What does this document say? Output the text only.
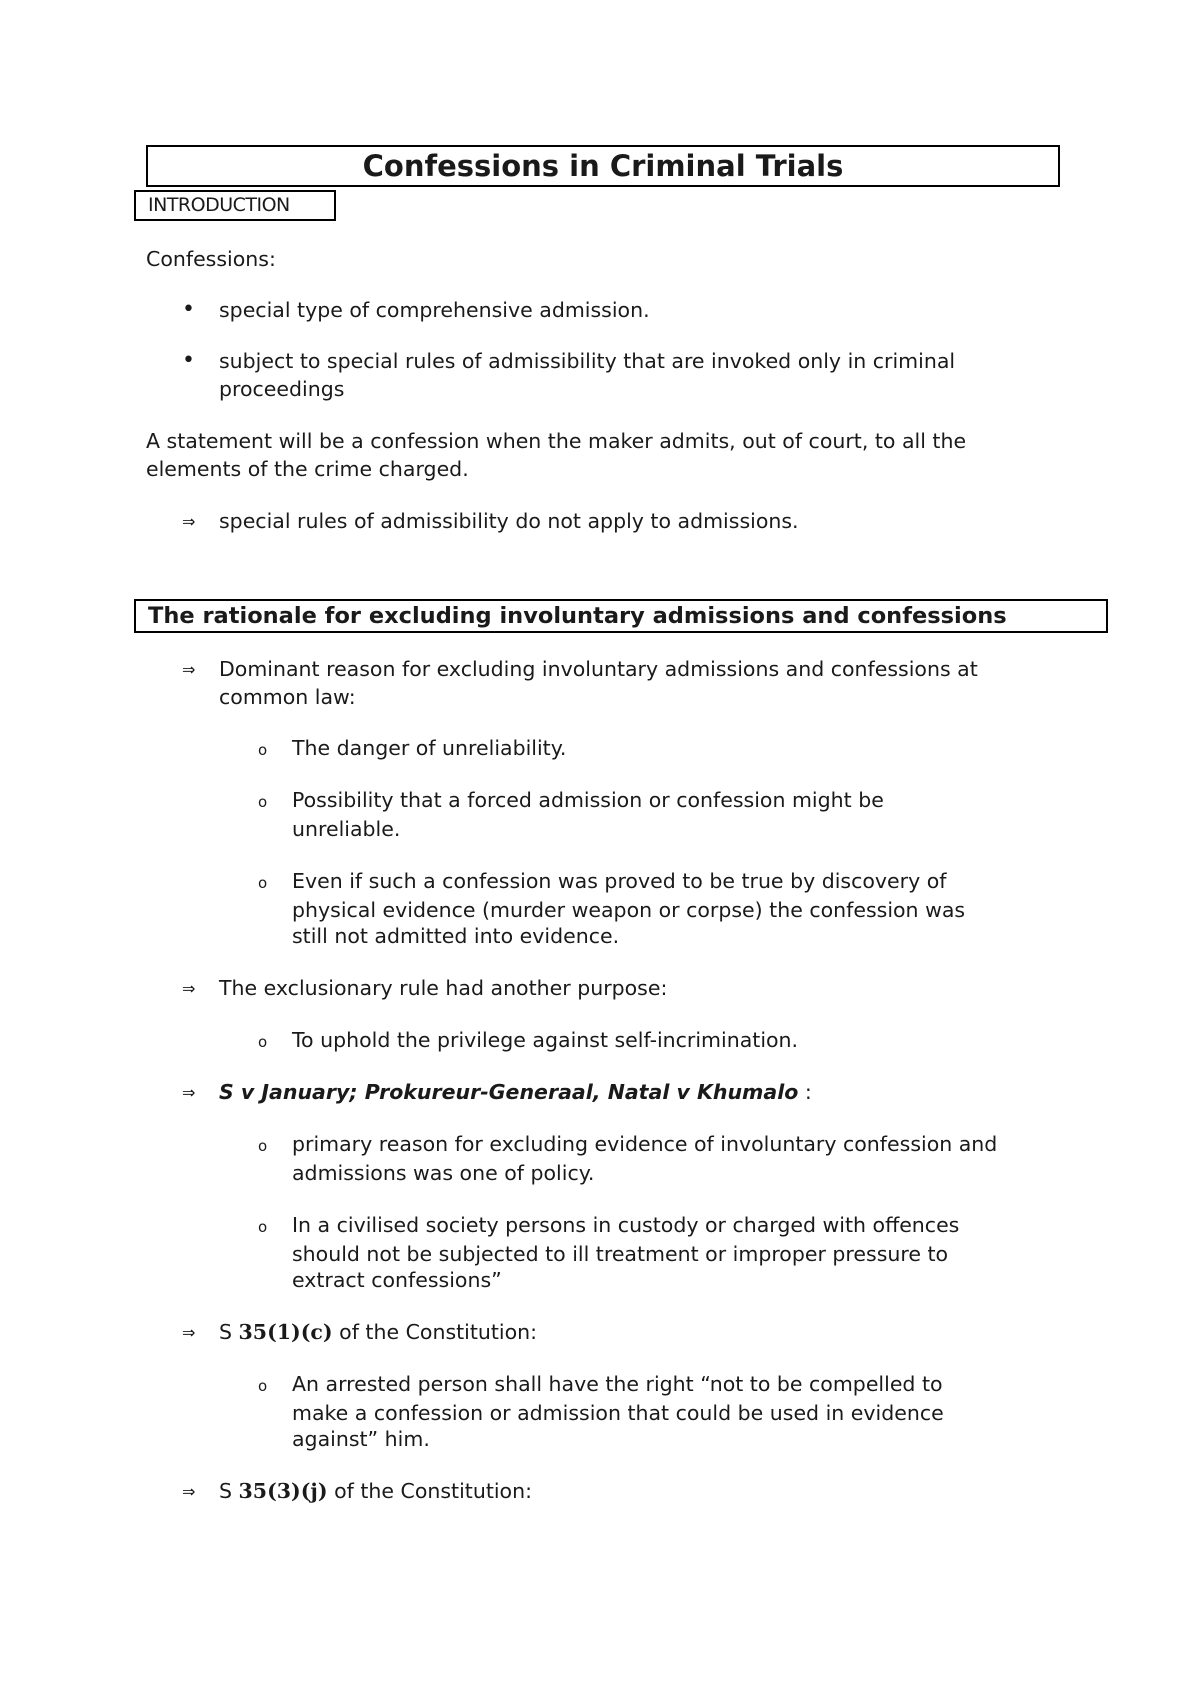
Confessions in Criminal Trials
INTRODUCTION
Confessions:
• special type of comprehensive admission.
• subject to special rules of admissibility that are invoked only in criminal
proceedings
A statement will be a confession when the maker admits, out of court, to all the
elements of the crime charged.
⇒ special rules of admissibility do not apply to admissions.
The rationale for excluding involuntary admissions and confessions
⇒ Dominant reason for excluding involuntary admissions and confessions at
common law:
o The danger of unreliability.
o Possibility that a forced admission or confession might be
unreliable.
o Even if such a confession was proved to be true by discovery of
physical evidence (murder weapon or corpse) the confession was
still not admitted into evidence.
⇒ The exclusionary rule had another purpose:
o To uphold the privilege against self-incrimination.
⇒ S v January; Prokureur-Generaal, Natal v Khumalo :
o primary reason for excluding evidence of involuntary confession and
admissions was one of policy.
o In a civilised society persons in custody or charged with offences
should not be subjected to ill treatment or improper pressure to
extract confessions”
⇒ S 35(1)(c) of the Constitution:
o An arrested person shall have the right “not to be compelled to
make a confession or admission that could be used in evidence
against” him.
⇒ S 35(3)(j) of the Constitution:
